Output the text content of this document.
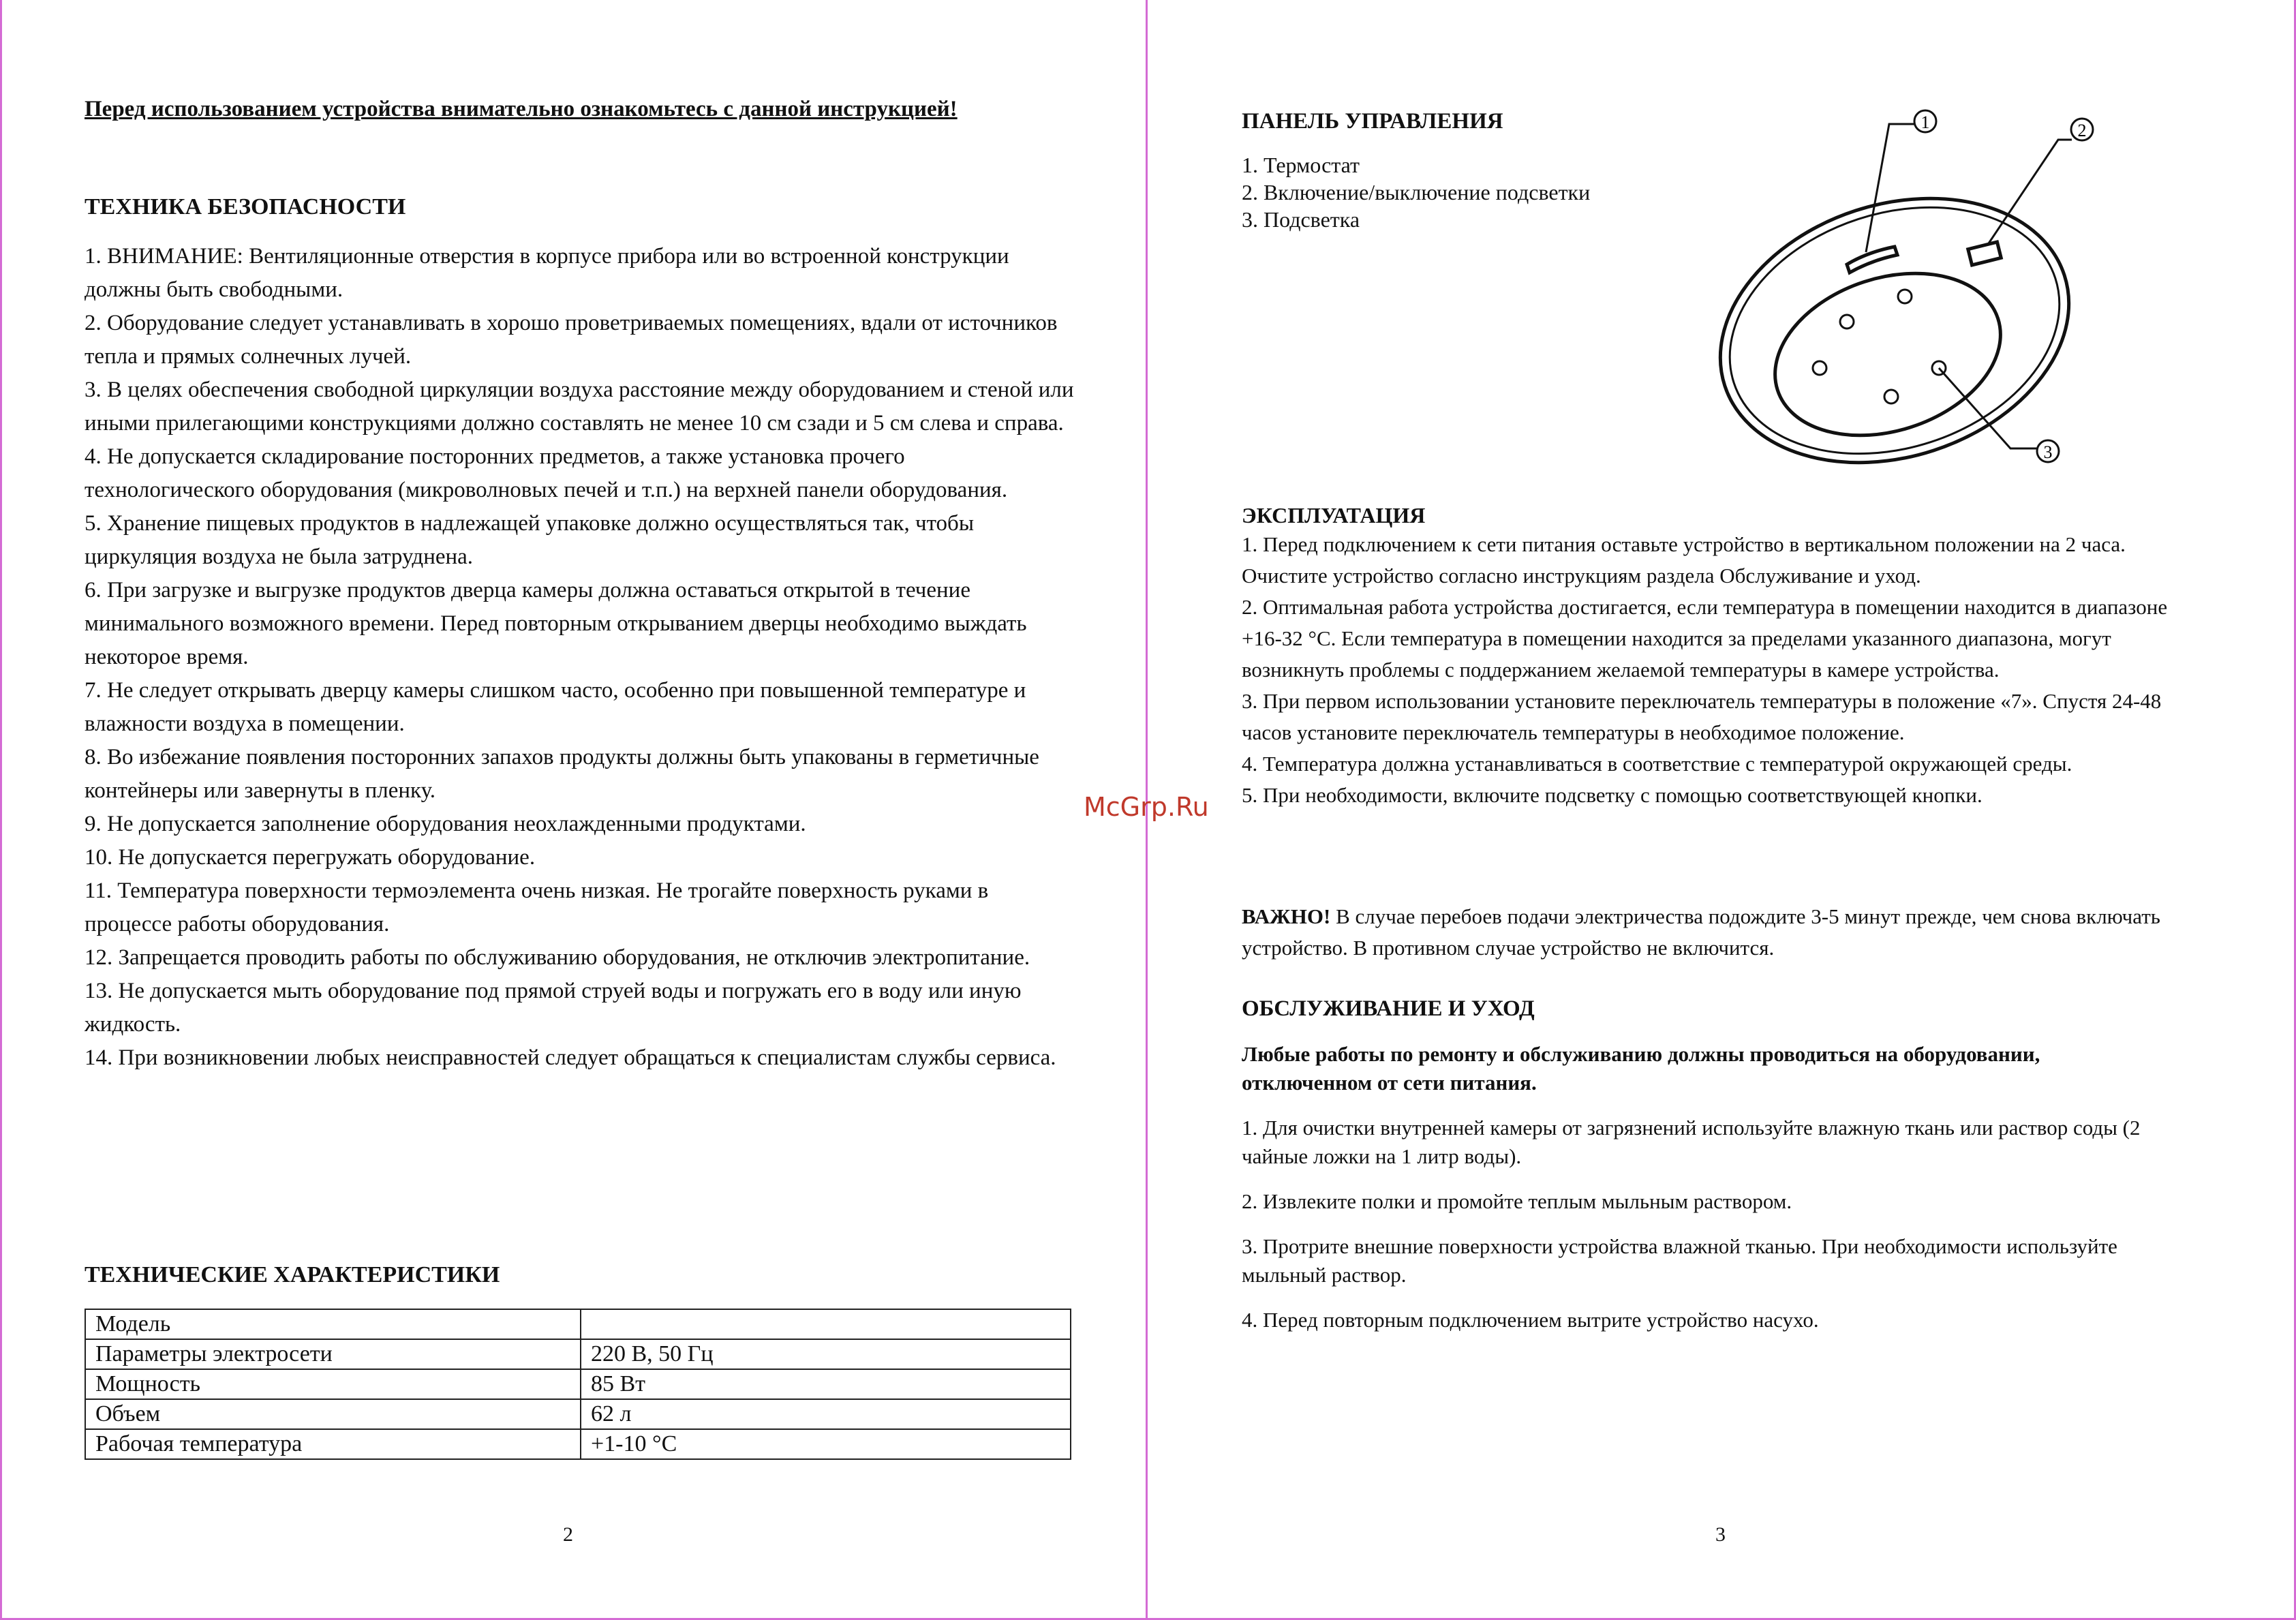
Перед использованием устройства внимательно ознакомьтесь с данной инструкцией!
ТЕХНИКА БЕЗОПАСНОСТИ

1. ВНИМАНИЕ: Вентиляционные отверстия в корпусе прибора или во встроенной конструкции должны быть свободными.

2. Оборудование следует устанавливать в хорошо проветриваемых помещениях, вдали от источников тепла и прямых солнечных лучей.

3. В целях обеспечения свободной циркуляции воздуха расстояние между оборудованием и стеной или иными прилегающими конструкциями должно составлять не менее 10 см сзади и 5 см слева и справа.

4. Не допускается складирование посторонних предметов, а также установка прочего технологического оборудования (микроволновых печей и т.п.) на верхней панели оборудования.

5. Хранение пищевых продуктов в надлежащей упаковке должно осуществляться так, чтобы циркуляция воздуха не была затруднена.

6. При загрузке и выгрузке продуктов дверца камеры должна оставаться открытой в течение минимального возможного времени. Перед повторным открыванием дверцы необходимо выждать некоторое время.

7. Не следует открывать дверцу камеры слишком часто, особенно при повышенной температуре и влажности воздуха в помещении.

8. Во избежание появления посторонних запахов продукты должны быть упакованы в герметичные контейнеры или завернуты в пленку.

9. Не допускается заполнение оборудования неохлажденными продуктами.

10. Не допускается перегружать оборудование.

11. Температура поверхности термоэлемента очень низкая. Не трогайте поверхность руками в процессе работы оборудования.

12. Запрещается проводить работы по обслуживанию оборудования, не отключив электропитание.

13. Не допускается мыть оборудование под прямой струей воды и погружать его в воду или иную жидкость.

14. При возникновении любых неисправностей следует обращаться к специалистам службы сервиса.

ТЕХНИЧЕСКИЕ ХАРАКТЕРИСТИКИ
Модель	
Параметры электросети	220 В, 50 Гц
Мощность	85 Вт
Объем	62 л
Рабочая температура	+1-10 °С
2
ПАНЕЛЬ УПРАВЛЕНИЯ

1. Термостат

2. Включение/выключение подсветки

3. Подсветка

ЭКСПЛУАТАЦИЯ

1. Перед подключением к сети питания оставьте устройство в вертикальном положении на 2 часа. Очистите устройство согласно инструкциям раздела Обслуживание и уход.

2. Оптимальная работа устройства достигается, если температура в помещении находится в диапазоне +16-32 °С. Если температура в помещении находится за пределами указанного диапазона, могут возникнуть проблемы с поддержанием желаемой температуры в камере устройства.

3. При первом использовании установите переключатель температуры в положение «7». Спустя 24-48 часов установите переключатель температуры в необходимое положение.

4. Температура должна устанавливаться в соответствие с температурой окружающей среды.

5. При необходимости, включите подсветку с помощью соответствующей кнопки.

ВАЖНО! В случае перебоев подачи электричества подождите 3-5 минут прежде, чем снова включать устройство. В противном случае устройство не включится.

ОБСЛУЖИВАНИЕ И УХОД
Любые работы по ремонту и обслуживанию должны проводиться на оборудовании, отключенном от сети питания.
1. Для очистки внутренней камеры от загрязнений используйте влажную ткань или раствор соды (2 чайные ложки на 1 литр воды).
2. Извлеките полки и промойте теплым мыльным раствором.
3. Протрите внешние поверхности устройства влажной тканью. При необходимости используйте мыльный раствор.
4. Перед повторным подключением вытрите устройство насухо.
3
1	2
3
McGrp.Ru
